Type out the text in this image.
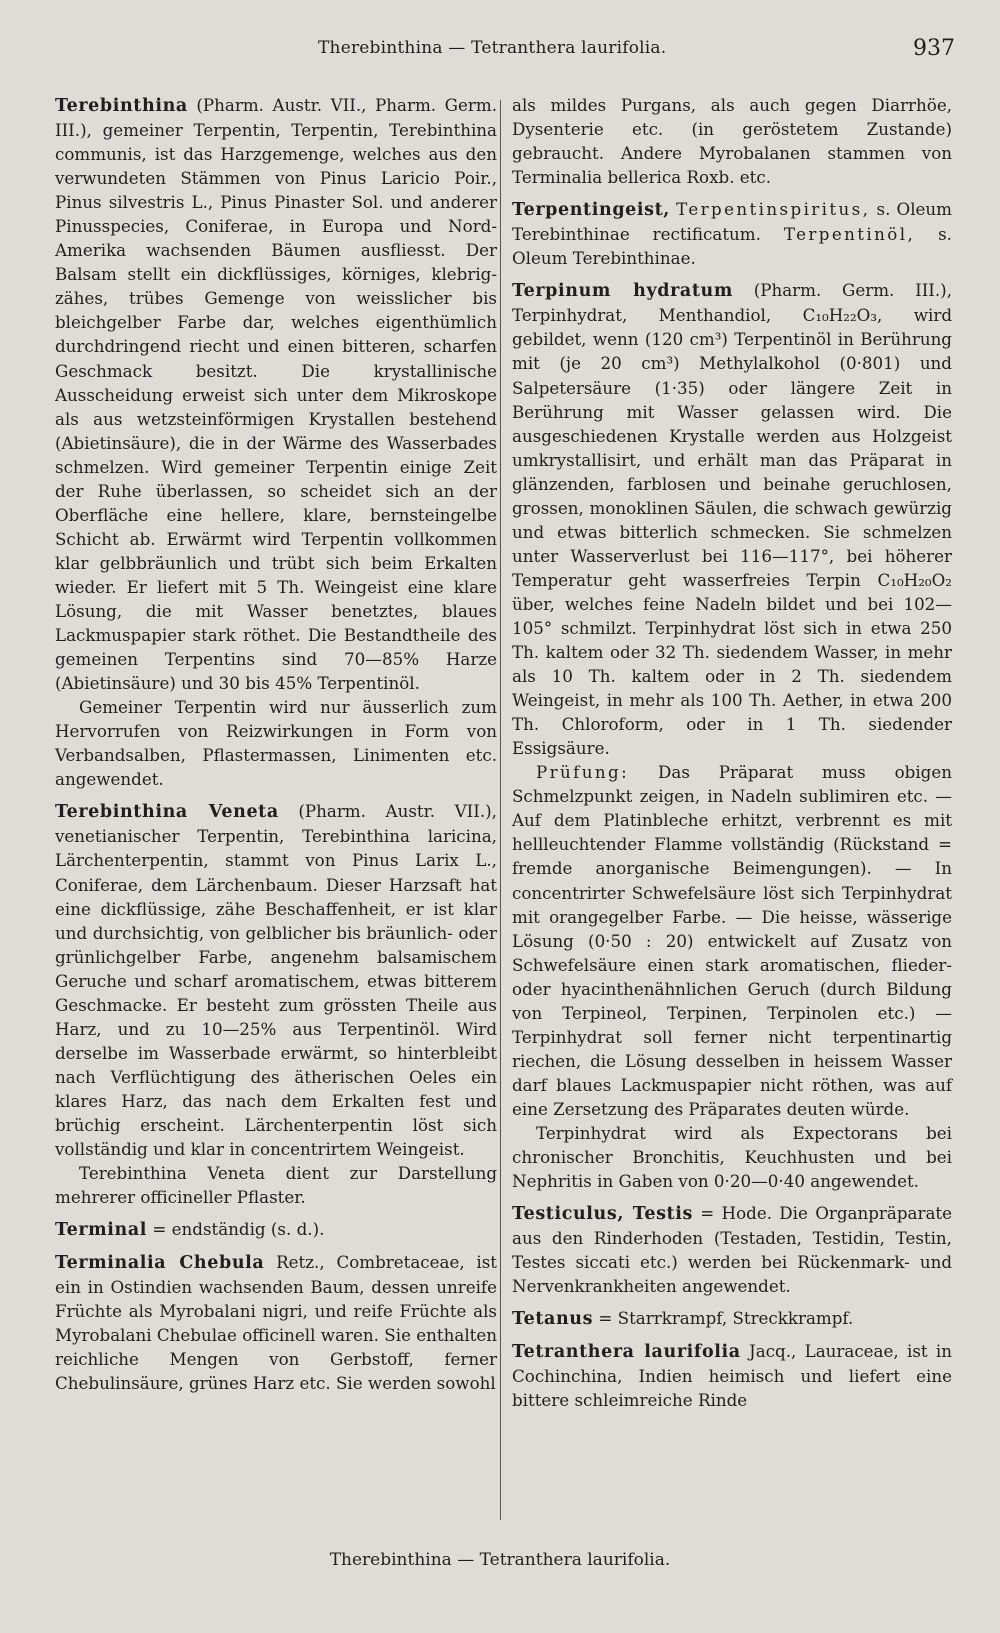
Therebinthina — Tetranthera laurifolia.	937

Terebinthina (Pharm. Austr. VII., Pharm. Germ. III.), gemeiner Terpentin, Terpentin, Terebinthina communis, ist das Harzgemenge, welches aus den verwundeten Stämmen von Pinus Laricio Poir., Pinus silvestris L., Pinus Pinaster Sol. und anderer Pinusspecies, Coniferae, in Europa und Nord-Amerika wachsenden Bäumen ausfliesst. Der Balsam stellt ein dickflüssiges, körniges, klebrig-zähes, trübes Gemenge von weisslicher bis bleichgelber Farbe dar, welches eigenthümlich durchdringend riecht und einen bitteren, scharfen Geschmack besitzt. Die krystallinische Ausscheidung erweist sich unter dem Mikroskope als aus wetzsteinförmigen Krystallen bestehend (Abietinsäure), die in der Wärme des Wasserbades schmelzen. Wird gemeiner Terpentin einige Zeit der Ruhe überlassen, so scheidet sich an der Oberfläche eine hellere, klare, bernsteingelbe Schicht ab. Erwärmt wird Terpentin vollkommen klar gelbbräunlich und trübt sich beim Erkalten wieder. Er liefert mit 5 Th. Weingeist eine klare Lösung, die mit Wasser benetztes, blaues Lackmuspapier stark röthet. Die Bestandtheile des gemeinen Terpentins sind 70—85% Harze (Abietinsäure) und 30 bis 45% Terpentinöl.

Gemeiner Terpentin wird nur äusserlich zum Hervorrufen von Reizwirkungen in Form von Verbandsalben, Pflastermassen, Linimenten etc. angewendet.

Terebinthina Veneta (Pharm. Austr. VII.), venetianischer Terpentin, Terebinthina laricina, Lärchenterpentin, stammt von Pinus Larix L., Coniferae, dem Lärchenbaum. Dieser Harzsaft hat eine dickflüssige, zähe Beschaffenheit, er ist klar und durchsichtig, von gelblicher bis bräunlich- oder grünlichgelber Farbe, angenehm balsamischem Geruche und scharf aromatischem, etwas bitterem Geschmacke. Er besteht zum grössten Theile aus Harz, und zu 10—25% aus Terpentinöl. Wird derselbe im Wasserbade erwärmt, so hinterbleibt nach Verflüchtigung des ätherischen Oeles ein klares Harz, das nach dem Erkalten fest und brüchig erscheint. Lärchenterpentin löst sich vollständig und klar in concentrirtem Weingeist.

Terebinthina Veneta dient zur Darstellung mehrerer officineller Pflaster.

Terminal = endständig (s. d.).

Terminalia Chebula Retz., Combretaceae, ist ein in Ostindien wachsenden Baum, dessen unreife Früchte als Myrobalani nigri, und reife Früchte als Myrobalani Chebulae officinell waren. Sie enthalten reichliche Mengen von Gerbstoff, ferner Chebulinsäure, grünes Harz etc. Sie werden sowohl

als mildes Purgans, als auch gegen Diarrhöe, Dysenterie etc. (in geröstetem Zustande) gebraucht. Andere Myrobalanen stammen von Terminalia bellerica Roxb. etc.

Terpentingeist, Terpentinspiritus, s. Oleum Terebinthinae rectificatum. Terpentinöl, s. Oleum Terebinthinae.

Terpinum hydratum (Pharm. Germ. III.), Terpinhydrat, Menthandiol, C₁₀H₂₂O₃, wird gebildet, wenn (120 cm³) Terpentinöl in Berührung mit (je 20 cm³) Methylalkohol (0·801) und Salpetersäure (1·35) oder längere Zeit in Berührung mit Wasser gelassen wird. Die ausgeschiedenen Krystalle werden aus Holzgeist umkrystallisirt, und erhält man das Präparat in glänzenden, farblosen und beinahe geruchlosen, grossen, monoklinen Säulen, die schwach gewürzig und etwas bitterlich schmecken. Sie schmelzen unter Wasserverlust bei 116—117°, bei höherer Temperatur geht wasserfreies Terpin C₁₀H₂₀O₂ über, welches feine Nadeln bildet und bei 102—105° schmilzt. Terpinhydrat löst sich in etwa 250 Th. kaltem oder 32 Th. siedendem Wasser, in mehr als 10 Th. kaltem oder in 2 Th. siedendem Weingeist, in mehr als 100 Th. Aether, in etwa 200 Th. Chloroform, oder in 1 Th. siedender Essigsäure.

Prüfung: Das Präparat muss obigen Schmelzpunkt zeigen, in Nadeln sublimiren etc. — Auf dem Platinbleche erhitzt, verbrennt es mit hellleuchtender Flamme vollständig (Rückstand = fremde anorganische Beimengungen). — In concentrirter Schwefelsäure löst sich Terpinhydrat mit orangegelber Farbe. — Die heisse, wässerige Lösung (0·50 : 20) entwickelt auf Zusatz von Schwefelsäure einen stark aromatischen, flieder- oder hyacinthenähnlichen Geruch (durch Bildung von Terpineol, Terpinen, Terpinolen etc.) — Terpinhydrat soll ferner nicht terpentinartig riechen, die Lösung desselben in heissem Wasser darf blaues Lackmuspapier nicht röthen, was auf eine Zersetzung des Präparates deuten würde.

Terpinhydrat wird als Expectorans bei chronischer Bronchitis, Keuchhusten und bei Nephritis in Gaben von 0·20—0·40 angewendet.

Testiculus, Testis = Hode. Die Organpräparate aus den Rinderhoden (Testaden, Testidin, Testin, Testes siccati etc.) werden bei Rückenmark- und Nervenkrankheiten angewendet.

Tetanus = Starrkrampf, Streckkrampf.

Tetranthera laurifolia Jacq., Lauraceae, ist in Cochinchina, Indien heimisch und liefert eine bittere schleimreiche Rinde

Therebinthina — Tetranthera laurifolia.
